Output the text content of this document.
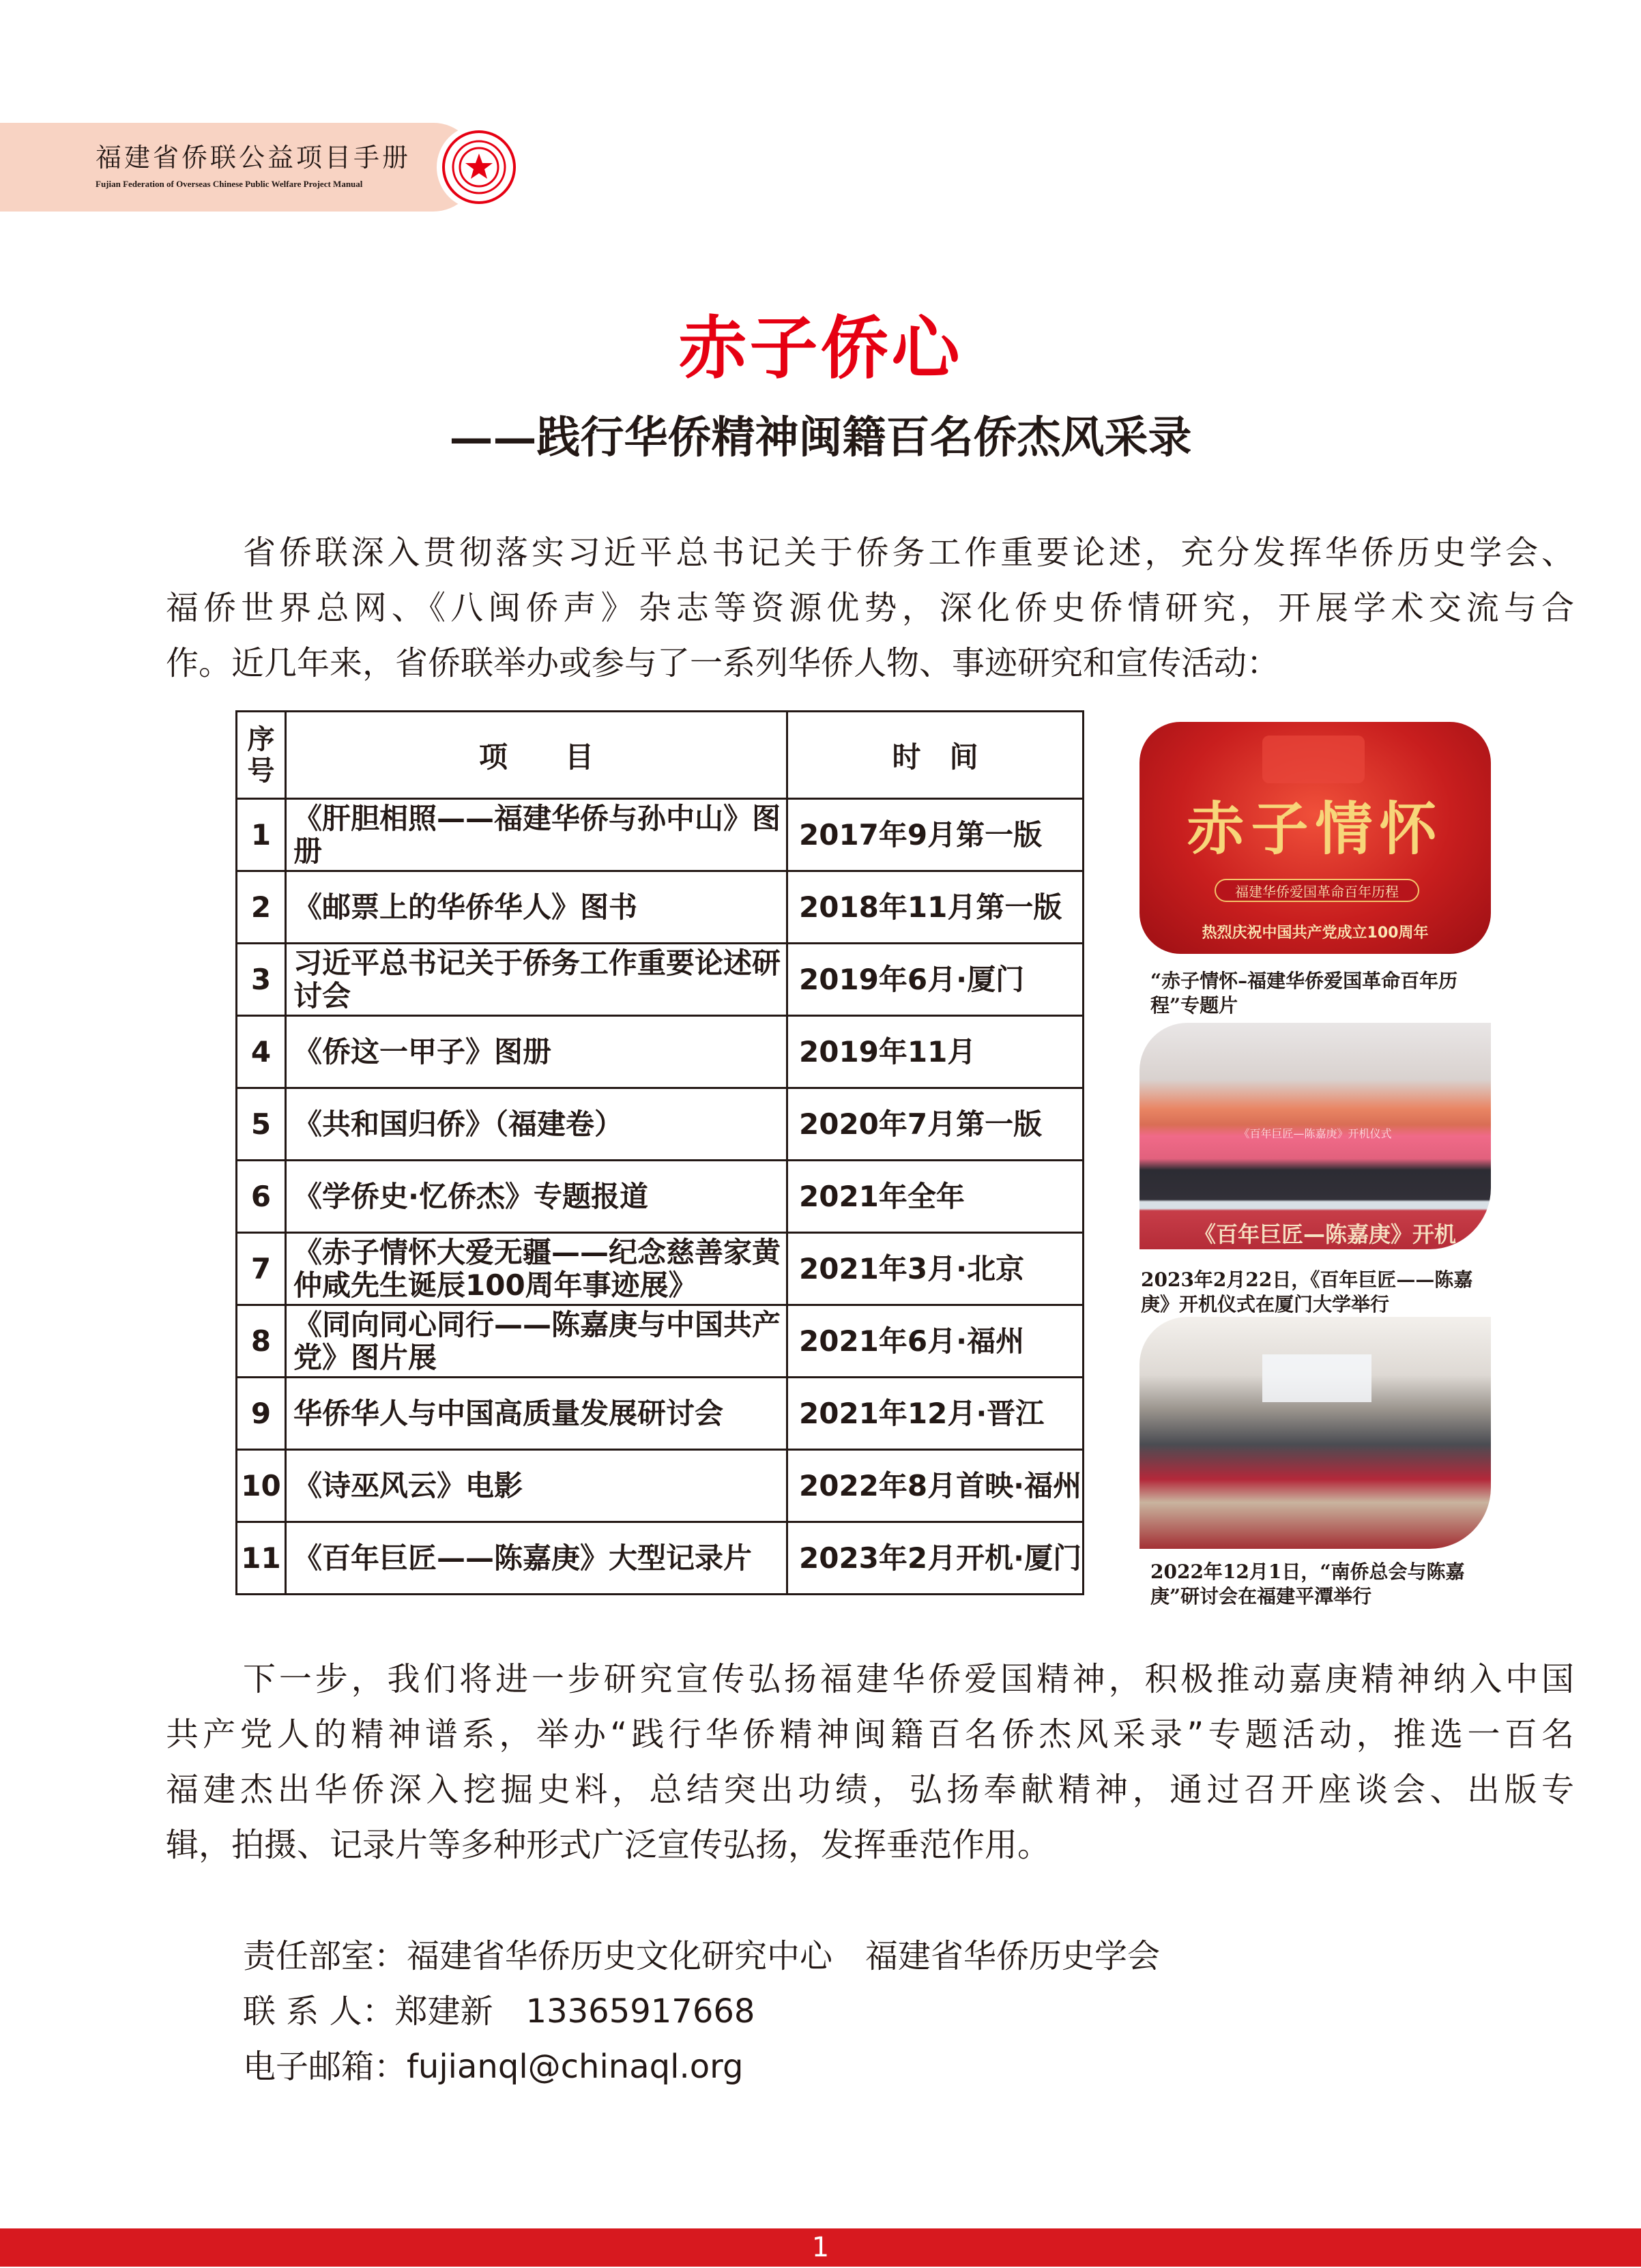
福建省侨联公益项目手册
Fujian Federation of Overseas Chinese Public Welfare Project Manual
赤子侨心
——践行华侨精神闽籍百名侨杰风采录
省侨联深入贯彻落实习近平总书记关于侨务工作重要论述，充分发挥华侨历史学会、
福侨世界总网、《八闽侨声》杂志等资源优势，深化侨史侨情研究，开展学术交流与合
作。近几年来，省侨联举办或参与了一系列华侨人物、事迹研究和宣传活动：
序号	项　　目	时　间
1	《肝胆相照——福建华侨与孙中山》图册	2017年9月第一版
2	《邮票上的华侨华人》图书	2018年11月第一版
3	习近平总书记关于侨务工作重要论述研讨会	2019年6月·厦门
4	《侨这一甲子》图册	2019年11月
5	《共和国归侨》（福建卷）	2020年7月第一版
6	《学侨史·忆侨杰》专题报道	2021年全年
7	《赤子情怀大爱无疆——纪念慈善家黄仲咸先生诞辰100周年事迹展》	2021年3月·北京
8	《同向同心同行——陈嘉庚与中国共产党》图片展	2021年6月·福州
9	华侨华人与中国高质量发展研讨会	2021年12月·晋江
10	《诗巫风云》电影	2022年8月首映·福州
11	《百年巨匠——陈嘉庚》大型记录片	2023年2月开机·厦门
赤子情怀
福建华侨爱国革命百年历程
热烈庆祝中国共产党成立100周年
“赤子情怀–福建华侨爱国革命百年历程”专题片
《百年巨匠—陈嘉庚》开机仪式
《百年巨匠—陈嘉庚》开机
2023年2月22日，《百年巨匠——陈嘉庚》开机仪式在厦门大学举行
2022年12月1日，“南侨总会与陈嘉庚”研讨会在福建平潭举行
下一步，我们将进一步研究宣传弘扬福建华侨爱国精神，积极推动嘉庚精神纳入中国
共产党人的精神谱系，举办“践行华侨精神闽籍百名侨杰风采录”专题活动，推选一百名
福建杰出华侨深入挖掘史料，总结突出功绩，弘扬奉献精神，通过召开座谈会、出版专
辑，拍摄、记录片等多种形式广泛宣传弘扬，发挥垂范作用。
责任部室：福建省华侨历史文化研究中心　福建省华侨历史学会
联 系 人：郑建新　13365917668
电子邮箱：fujianql@chinaql.org
1
